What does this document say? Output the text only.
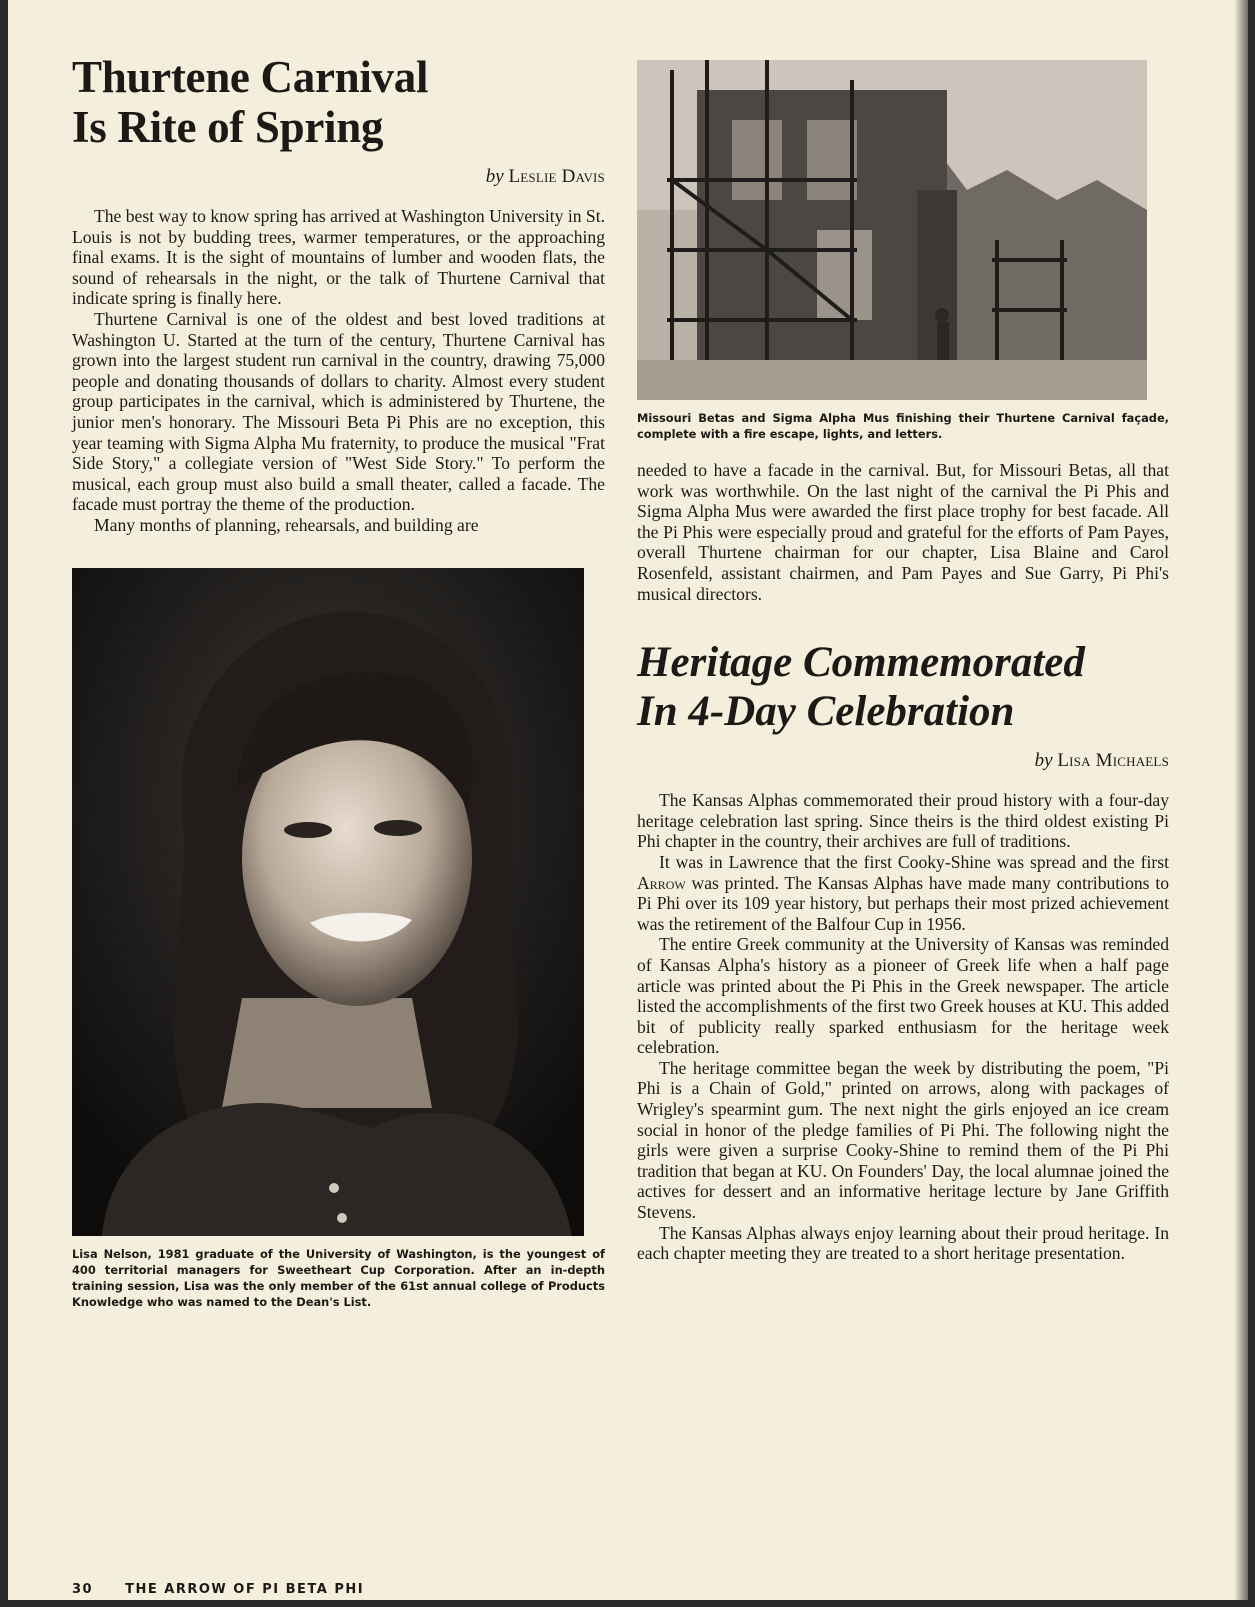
Thurtene Carnival
Is Rite of Spring
by Leslie Davis

The best way to know spring has arrived at Washington University in St. Louis is not by budding trees, warmer temperatures, or the approaching final exams. It is the sight of mountains of lumber and wooden flats, the sound of rehearsals in the night, or the talk of Thurtene Carnival that indicate spring is finally here.

Thurtene Carnival is one of the oldest and best loved traditions at Washington U. Started at the turn of the century, Thurtene Carnival has grown into the largest student run carnival in the country, drawing 75,000 people and donating thousands of dollars to charity. Almost every student group participates in the carnival, which is administered by Thurtene, the junior men's honorary. The Missouri Beta Pi Phis are no exception, this year teaming with Sigma Alpha Mu fraternity, to produce the musical "Frat Side Story," a collegiate version of "West Side Story." To perform the musical, each group must also build a small theater, called a facade. The facade must portray the theme of the production.

Many months of planning, rehearsals, and building are

Lisa Nelson, 1981 graduate of the University of Washington, is the youngest of 400 territorial managers for Sweetheart Cup Corporation. After an in-depth training session, Lisa was the only member of the 61st annual college of Products Knowledge who was named to the Dean's List.

Missouri Betas and Sigma Alpha Mus finishing their Thurtene Carnival façade, complete with a fire escape, lights, and letters.

needed to have a facade in the carnival. But, for Missouri Betas, all that work was worthwhile. On the last night of the carnival the Pi Phis and Sigma Alpha Mus were awarded the first place trophy for best facade. All the Pi Phis were especially proud and grateful for the efforts of Pam Payes, overall Thurtene chairman for our chapter, Lisa Blaine and Carol Rosenfeld, assistant chairmen, and Pam Payes and Sue Garry, Pi Phi's musical directors.

Heritage Commemorated
In 4-Day Celebration
by Lisa Michaels

The Kansas Alphas commemorated their proud history with a four-day heritage celebration last spring. Since theirs is the third oldest existing Pi Phi chapter in the country, their archives are full of traditions.

It was in Lawrence that the first Cooky-Shine was spread and the first Arrow was printed. The Kansas Alphas have made many contributions to Pi Phi over its 109 year history, but perhaps their most prized achievement was the retirement of the Balfour Cup in 1956.

The entire Greek community at the University of Kansas was reminded of Kansas Alpha's history as a pioneer of Greek life when a half page article was printed about the Pi Phis in the Greek newspaper. The article listed the accomplishments of the first two Greek houses at KU. This added bit of publicity really sparked enthusiasm for the heritage week celebration.

The heritage committee began the week by distributing the poem, "Pi Phi is a Chain of Gold," printed on arrows, along with packages of Wrigley's spearmint gum. The next night the girls enjoyed an ice cream social in honor of the pledge families of Pi Phi. The following night the girls were given a surprise Cooky-Shine to remind them of the Pi Phi tradition that began at KU. On Founders' Day, the local alumnae joined the actives for dessert and an informative heritage lecture by Jane Griffith Stevens.

The Kansas Alphas always enjoy learning about their proud heritage. In each chapter meeting they are treated to a short heritage presentation.

30 THE ARROW OF PI BETA PHI
